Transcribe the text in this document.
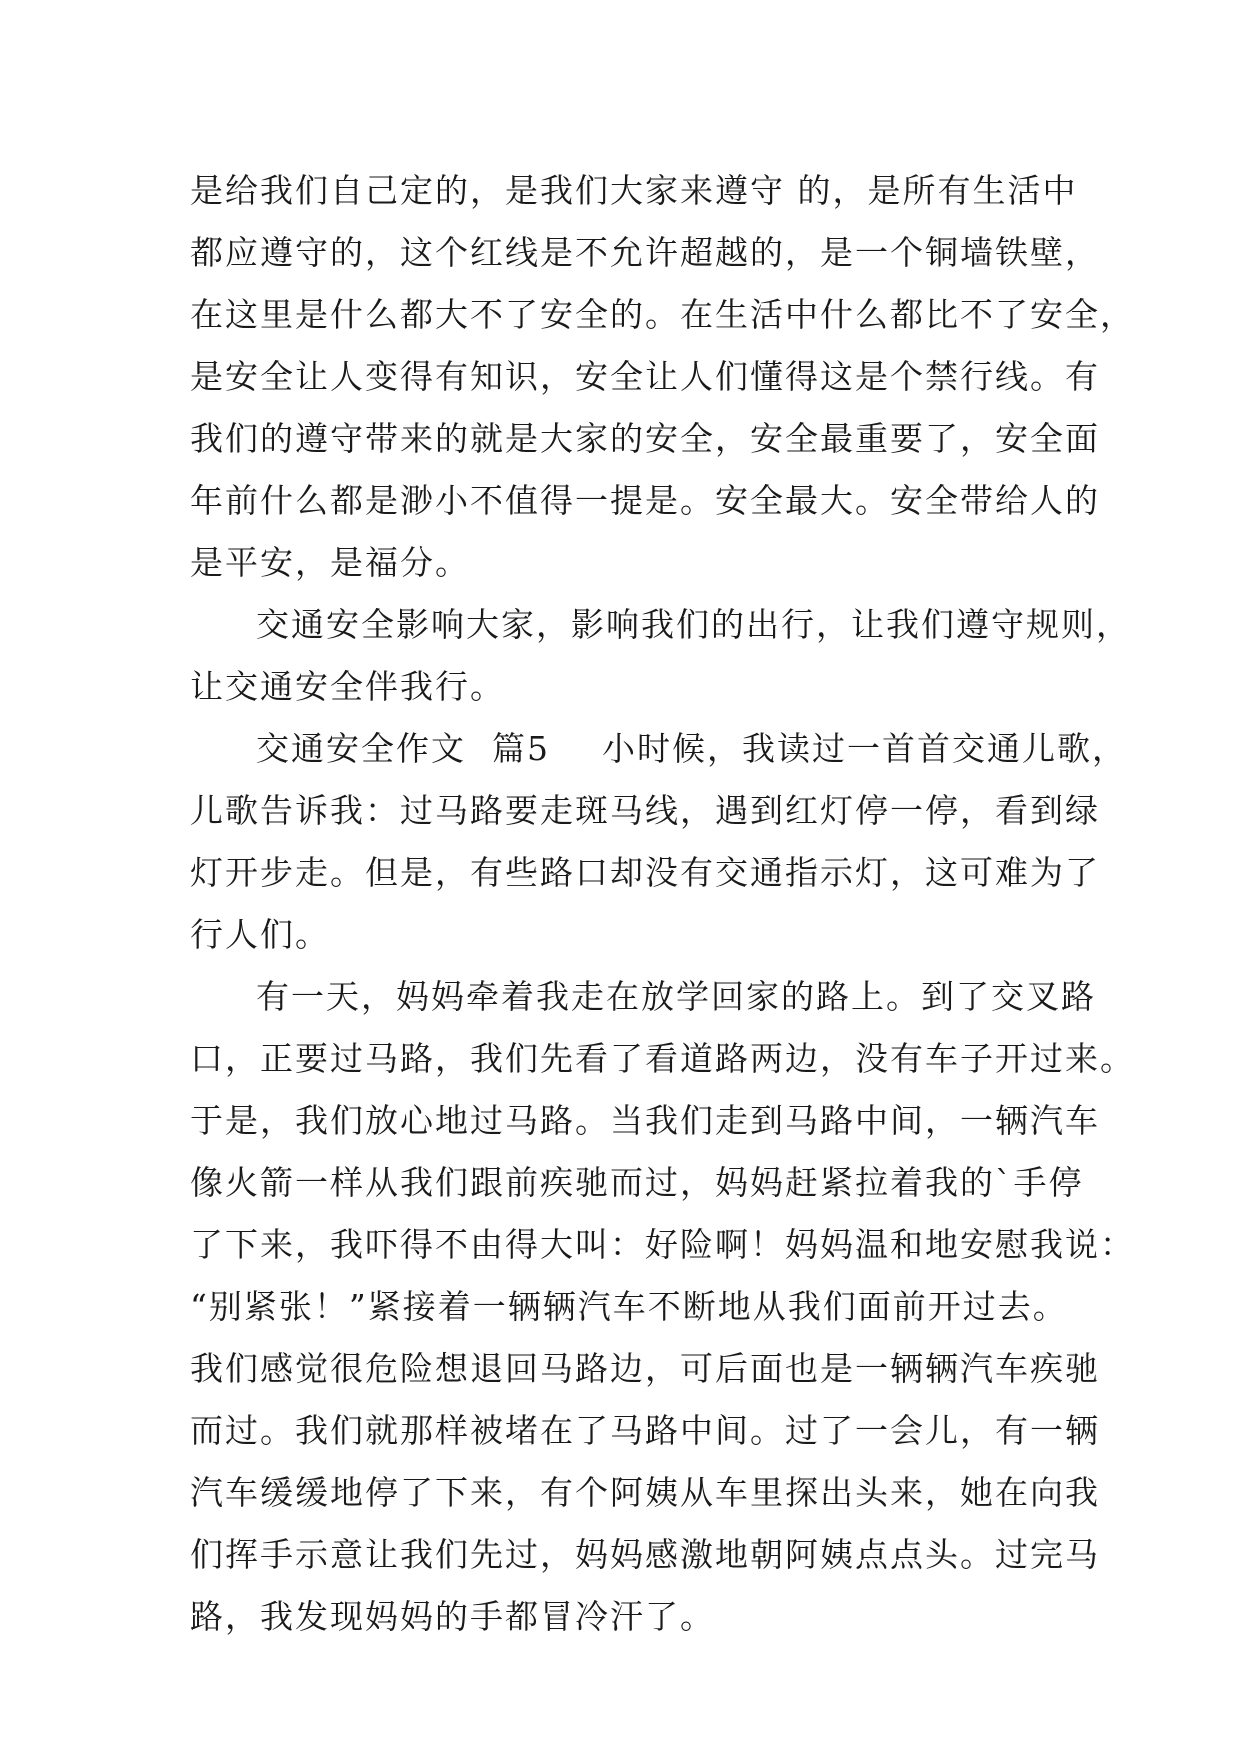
是给我们自己定的，是我们大家来遵守 的，是所有生活中
都应遵守的，这个红线是不允许超越的，是一个铜墙铁壁，
在这里是什么都大不了安全的。在生活中什么都比不了安全，
是安全让人变得有知识，安全让人们懂得这是个禁行线。有
我们的遵守带来的就是大家的安全，安全最重要了，安全面
年前什么都是渺小不值得一提是。安全最大。安全带给人的
是平安，是福分。
交通安全影响大家，影响我们的出行，让我们遵守规则，
让交通安全伴我行。
交通安全作文 篇5 小时候，我读过一首首交通儿歌，
儿歌告诉我：过马路要走斑马线，遇到红灯停一停，看到绿
灯开步走。但是，有些路口却没有交通指示灯，这可难为了
行人们。
有一天，妈妈牵着我走在放学回家的路上。到了交叉路
口，正要过马路，我们先看了看道路两边，没有车子开过来。
于是，我们放心地过马路。当我们走到马路中间，一辆汽车
像火箭一样从我们跟前疾驰而过，妈妈赶紧拉着我的`手停
了下来，我吓得不由得大叫：好险啊！妈妈温和地安慰我说：
“别紧张！”紧接着一辆辆汽车不断地从我们面前开过去。
我们感觉很危险想退回马路边，可后面也是一辆辆汽车疾驰
而过。我们就那样被堵在了马路中间。过了一会儿，有一辆
汽车缓缓地停了下来，有个阿姨从车里探出头来，她在向我
们挥手示意让我们先过，妈妈感激地朝阿姨点点头。过完马
路，我发现妈妈的手都冒冷汗了。
